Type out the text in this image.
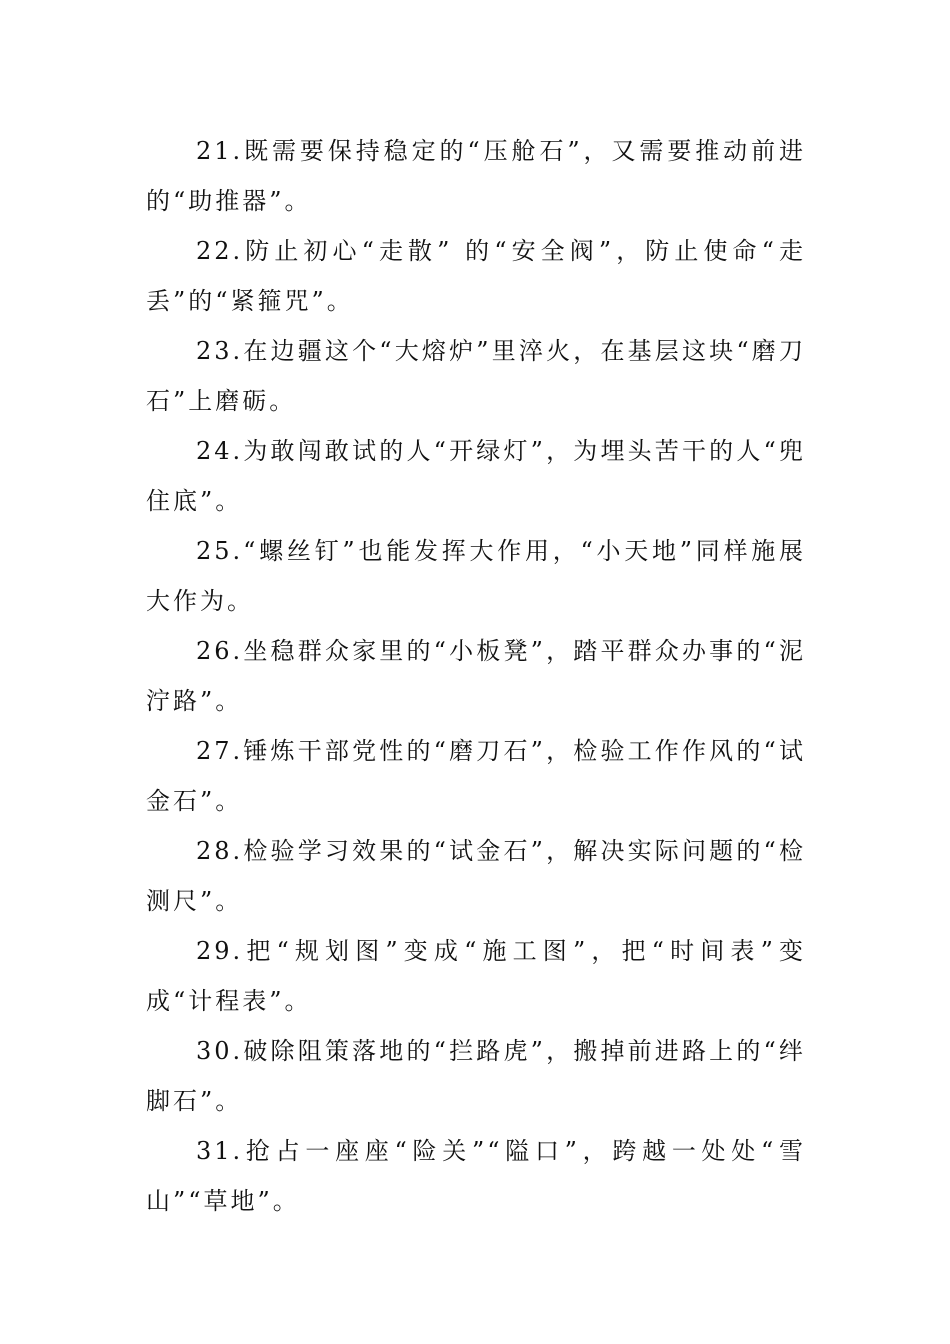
21.既需要保持稳定的“压舱石”，又需要推动前进的“助推器”。

22.防止初心“走散” 的“安全阀”，防止使命“走丢”的“紧箍咒”。

23.在边疆这个“大熔炉”里淬火，在基层这块“磨刀石”上磨砺。

24.为敢闯敢试的人“开绿灯”，为埋头苦干的人“兜住底”。

25.“螺丝钉”也能发挥大作用，“小天地”同样施展大作为。

26.坐稳群众家里的“小板凳”，踏平群众办事的“泥泞路”。

27.锤炼干部党性的“磨刀石”，检验工作作风的“试金石”。

28.检验学习效果的“试金石”，解决实际问题的“检测尺”。

29.把“规划图”变成“施工图”，把“时间表”变成“计程表”。

30.破除阻策落地的“拦路虎”，搬掉前进路上的“绊脚石”。

31.抢占一座座“险关”“隘口”，跨越一处处“雪山”“草地”。
